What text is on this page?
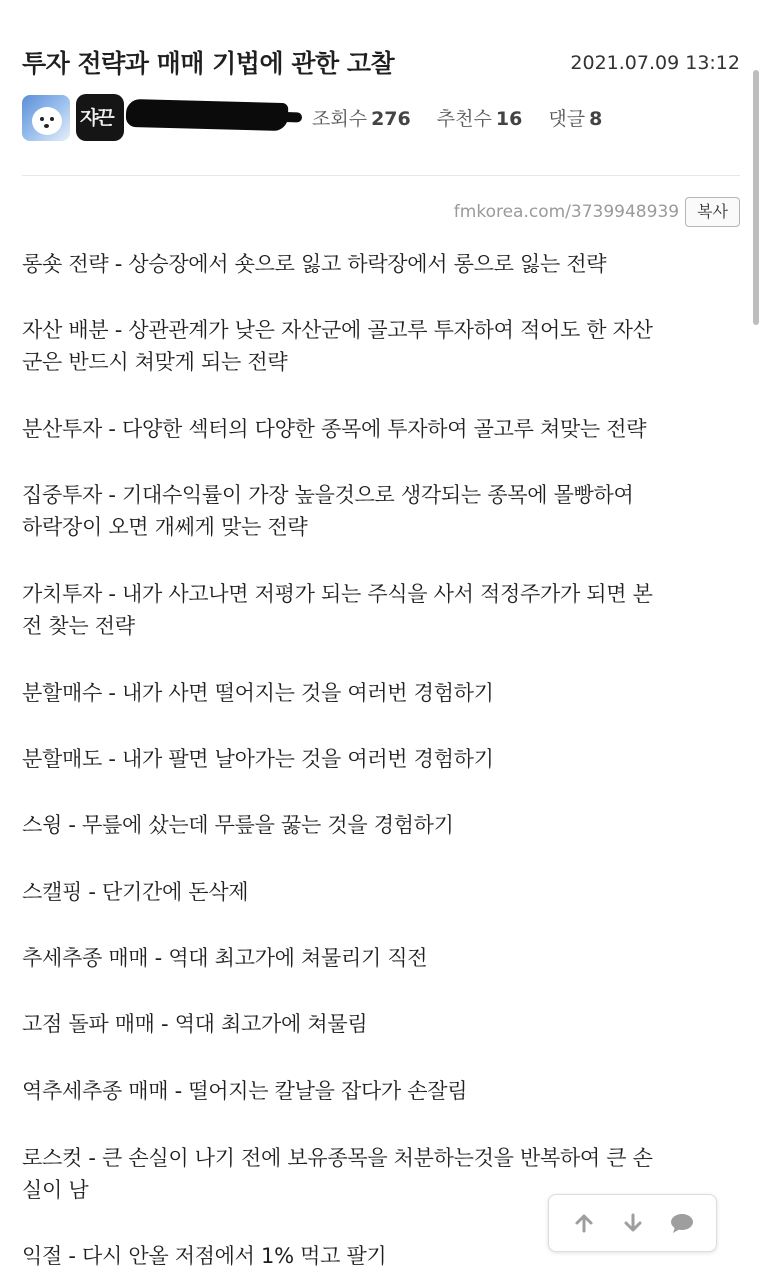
투자 전략과 매매 기법에 관한 고찰	2021.07.09 13:12
쟈끈	조회수 276 추천수 16 댓글 8
fmkorea.com/3739948939	복사
롱숏 전략 - 상승장에서 숏으로 잃고 하락장에서 롱으로 잃는 전략
자산 배분 - 상관관계가 낮은 자산군에 골고루 투자하여 적어도 한 자산
군은 반드시 쳐맞게 되는 전략
분산투자 - 다양한 섹터의 다양한 종목에 투자하여 골고루 쳐맞는 전략
집중투자 - 기대수익률이 가장 높을것으로 생각되는 종목에 몰빵하여
하락장이 오면 개쎄게 맞는 전략
가치투자 - 내가 사고나면 저평가 되는 주식을 사서 적정주가가 되면 본
전 찾는 전략
분할매수 - 내가 사면 떨어지는 것을 여러번 경험하기
분할매도 - 내가 팔면 날아가는 것을 여러번 경험하기
스윙 - 무릎에 샀는데 무릎을 꿇는 것을 경험하기
스캘핑 - 단기간에 돈삭제
추세추종 매매 - 역대 최고가에 쳐물리기 직전
고점 돌파 매매 - 역대 최고가에 쳐물림
역추세추종 매매 - 떨어지는 칼날을 잡다가 손잘림
로스컷 - 큰 손실이 나기 전에 보유종목을 처분하는것을 반복하여 큰 손
실이 남
익절 - 다시 안올 저점에서 1% 먹고 팔기
